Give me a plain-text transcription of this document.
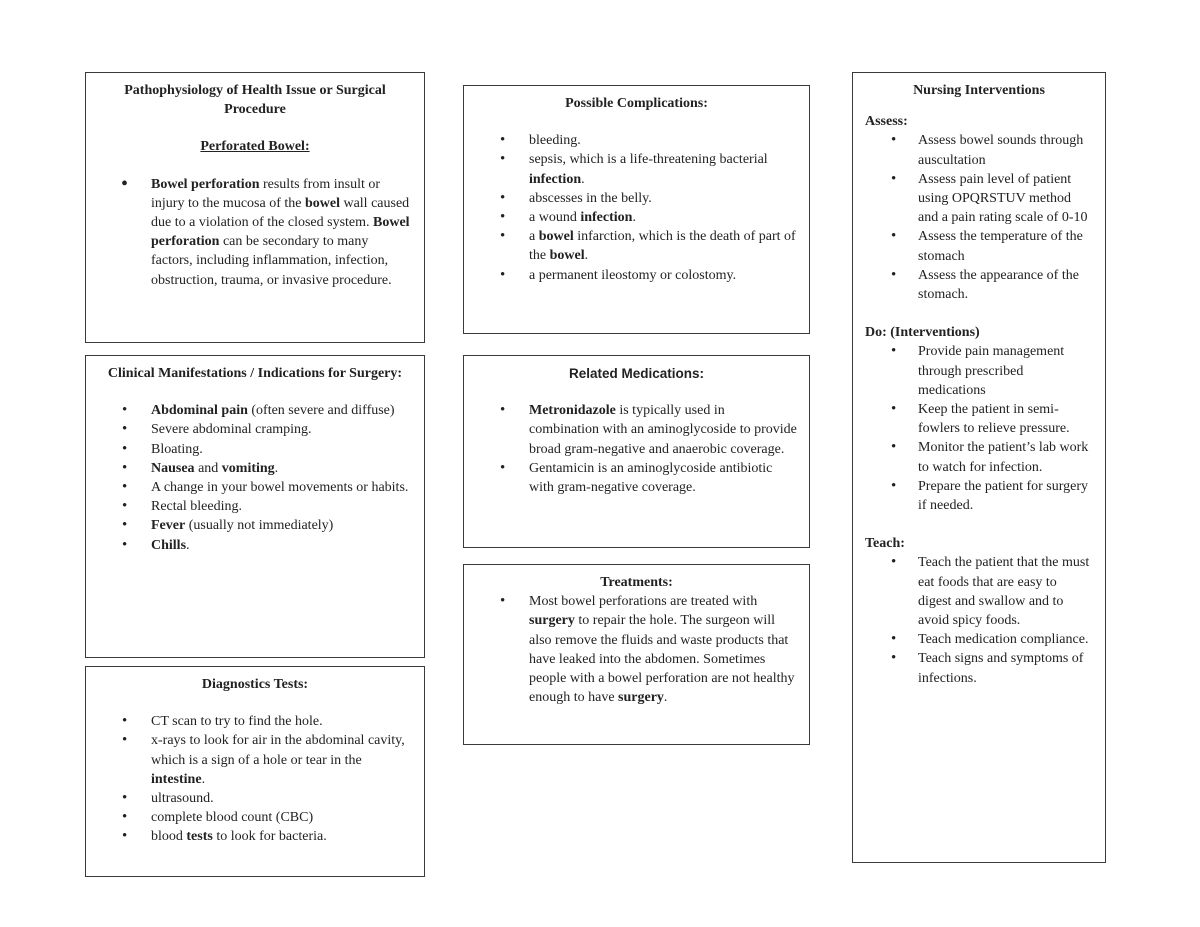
Pathophysiology of Health Issue or Surgical Procedure
Perforated Bowel:
• Bowel perforation results from insult or injury to the mucosa of the bowel wall caused due to a violation of the closed system. Bowel perforation can be secondary to many factors, including inflammation, infection, obstruction, trauma, or invasive procedure.
Possible Complications:
• bleeding.
• sepsis, which is a life-threatening bacterial infection.
• abscesses in the belly.
• a wound infection.
• a bowel infarction, which is the death of part of the bowel.
• a permanent ileostomy or colostomy.
Clinical Manifestations / Indications for Surgery:
• Abdominal pain (often severe and diffuse)
• Severe abdominal cramping.
• Bloating.
• Nausea and vomiting.
• A change in your bowel movements or habits.
• Rectal bleeding.
• Fever (usually not immediately)
• Chills.
Related Medications:
• Metronidazole is typically used in combination with an aminoglycoside to provide broad gram-negative and anaerobic coverage.
• Gentamicin is an aminoglycoside antibiotic with gram-negative coverage.
Treatments:
• Most bowel perforations are treated with surgery to repair the hole. The surgeon will also remove the fluids and waste products that have leaked into the abdomen. Sometimes people with a bowel perforation are not healthy enough to have surgery.
Diagnostics Tests:
• CT scan to try to find the hole.
• x-rays to look for air in the abdominal cavity, which is a sign of a hole or tear in the intestine.
• ultrasound.
• complete blood count (CBC)
• blood tests to look for bacteria.
Nursing Interventions
Assess:
• Assess bowel sounds through auscultation
• Assess pain level of patient using OPQRSTUV method and a pain rating scale of 0-10
• Assess the temperature of the stomach
• Assess the appearance of the stomach.
Do: (Interventions)
• Provide pain management through prescribed medications
• Keep the patient in semi-fowlers to relieve pressure.
• Monitor the patient’s lab work to watch for infection.
• Prepare the patient for surgery if needed.
Teach:
• Teach the patient that the must eat foods that are easy to digest and swallow and to avoid spicy foods.
• Teach medication compliance.
• Teach signs and symptoms of infections.
